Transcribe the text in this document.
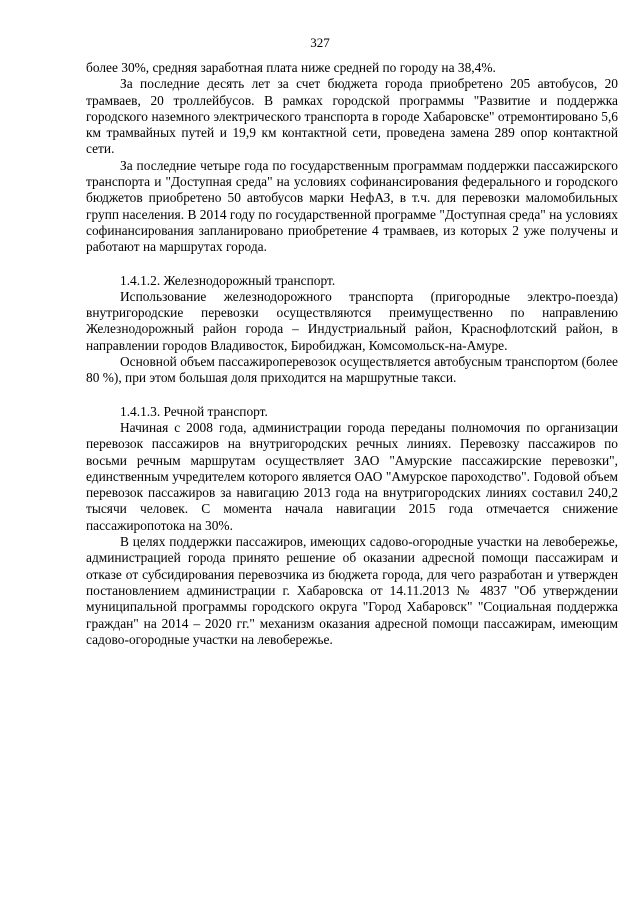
327

более 30%, средняя заработная плата ниже средней по городу на 38,4%.

За последние десять лет за счет бюджета города приобретено 205 автобусов, 20 трамваев, 20 троллейбусов. В рамках городской программы "Развитие и поддержка городского наземного электрического транспорта в городе Хабаровске" отремонтировано 5,6 км трамвайных путей и 19,9 км контактной сети, проведена замена 289 опор контактной сети.

За последние четыре года по государственным программам поддержки пассажирского транспорта и "Доступная среда" на условиях софинансирования федерального и городского бюджетов приобретено 50 автобусов марки НефАЗ, в т.ч. для перевозки маломобильных групп населения. В 2014 году по государственной программе "Доступная среда" на условиях софинансирования запланировано приобретение 4 трамваев, из которых 2 уже получены и работают на маршрутах города.

1.4.1.2. Железнодорожный транспорт.

Использование железнодорожного транспорта (пригородные электро-поезда) внутригородские перевозки осуществляются преимущественно по направлению Железнодорожный район города – Индустриальный район, Краснофлотский район, в направлении городов Владивосток, Биробиджан, Комсомольск-на-Амуре.

Основной объем пассажироперевозок осуществляется автобусным транспортом (более 80 %), при этом большая доля приходится на маршрутные такси.

1.4.1.3. Речной транспорт.

Начиная с 2008 года, администрации города переданы полномочия по организации перевозок пассажиров на внутригородских речных линиях. Перевозку пассажиров по восьми речным маршрутам осуществляет ЗАО "Амурские пассажирские перевозки", единственным учредителем которого является ОАО "Амурское пароходство". Годовой объем перевозок пассажиров за навигацию 2013 года на внутригородских линиях составил 240,2 тысячи человек. С момента начала навигации 2015 года отмечается снижение пассажиропотока на 30%.

В целях поддержки пассажиров, имеющих садово-огородные участки на левобережье, администрацией города принято решение об оказании адресной помощи пассажирам и отказе от субсидирования перевозчика из бюджета города, для чего разработан и утвержден постановлением администрации г. Хабаровска от 14.11.2013 № 4837 "Об утверждении муниципальной программы городского округа "Город Хабаровск" "Социальная поддержка граждан" на 2014 – 2020 гг." механизм оказания адресной помощи пассажирам, имеющим садово-огородные участки на левобережье.
